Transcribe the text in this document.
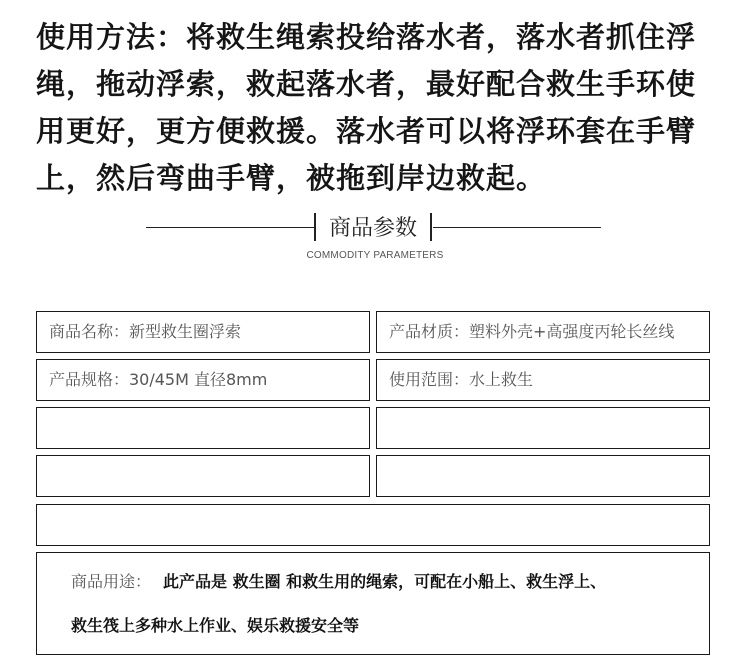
使用方法：将救生绳索投给落水者，落水者抓住浮绳，拖动浮索，救起落水者，最好配合救生手环使用更好，更方便救援。落水者可以将浮环套在手臂上，然后弯曲手臂，被拖到岸边救起。
商品参数
COMMODITY PARAMETERS
商品名称：新型救生圈浮索	产品材质：塑料外壳+高强度丙轮长丝线
产品规格：30/45M 直径8mm	使用范围：水上救生
商品用途： 此产品是 救生圈 和救生用的绳索，可配在小船上、救生浮上、
救生筏上多种水上作业、娱乐救援安全等
